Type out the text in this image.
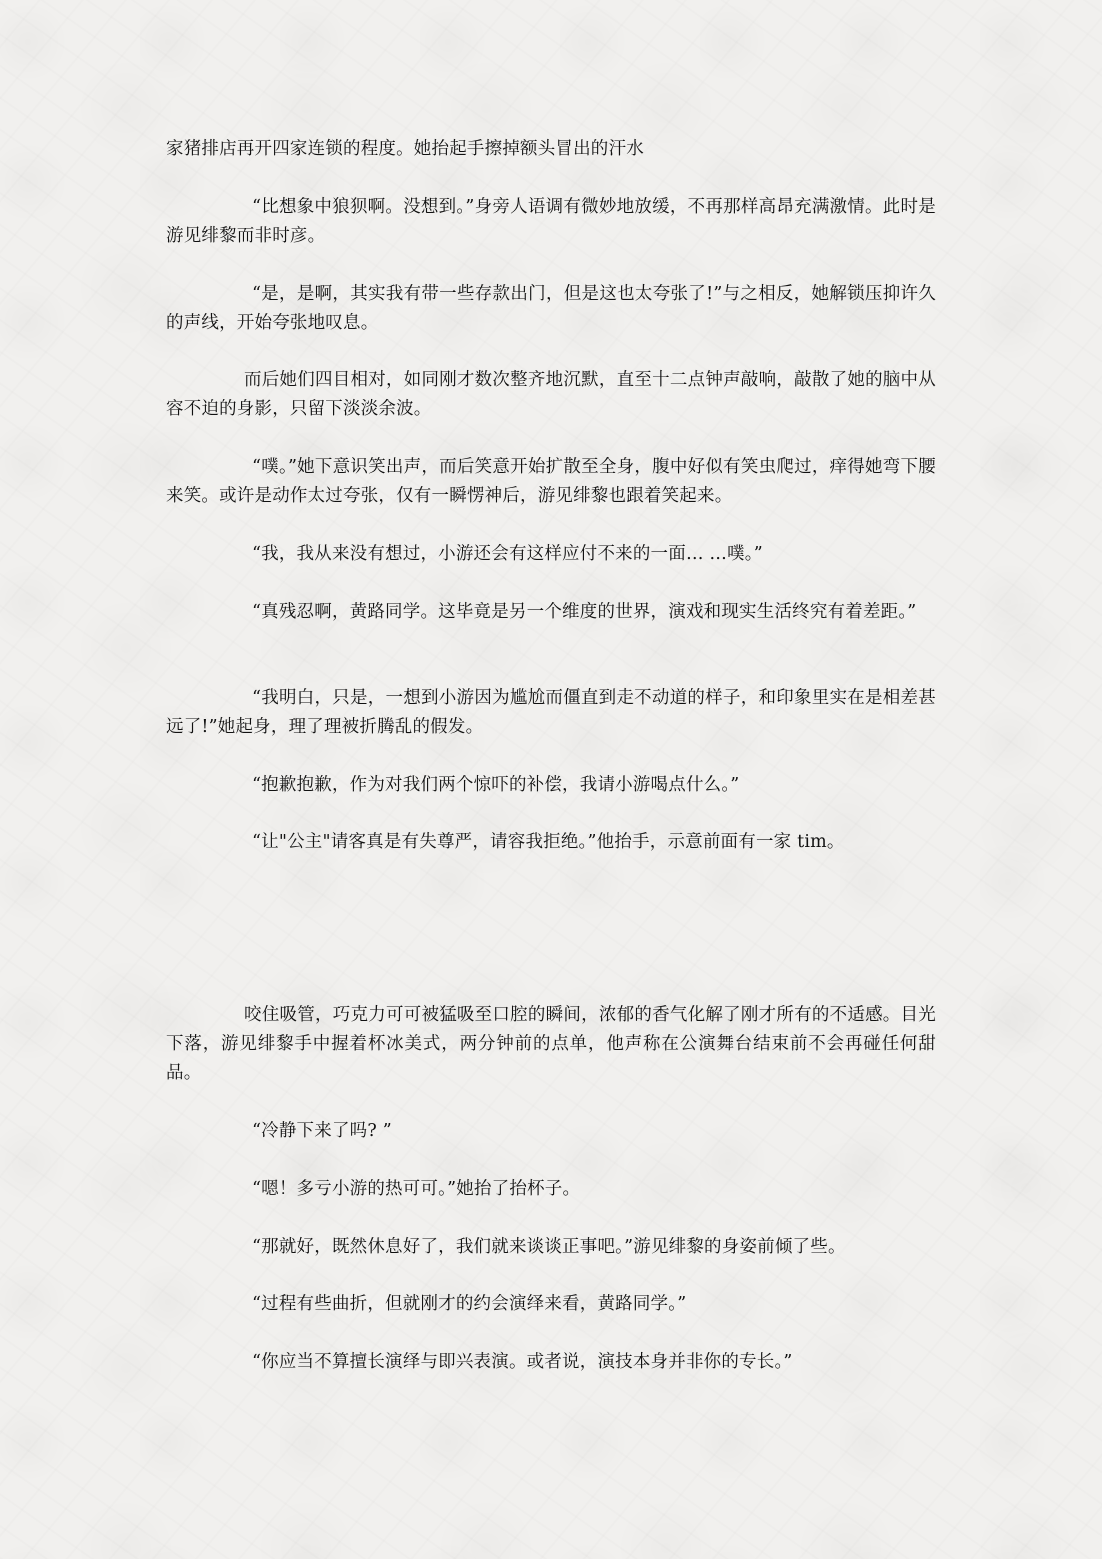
家猪排店再开四家连锁的程度。她抬起手擦掉额头冒出的汗水

“比想象中狼狈啊。没想到。”身旁人语调有微妙地放缓，不再那样高昂充满激情。此时是游见绯黎而非时彦。

“是，是啊，其实我有带一些存款出门，但是这也太夸张了!”与之相反，她解锁压抑许久的声线，开始夸张地叹息。

而后她们四目相对，如同刚才数次整齐地沉默，直至十二点钟声敲响，敲散了她的脑中从容不迫的身影，只留下淡淡余波。

“噗。”她下意识笑出声，而后笑意开始扩散至全身，腹中好似有笑虫爬过，痒得她弯下腰来笑。或许是动作太过夸张，仅有一瞬愣神后，游见绯黎也跟着笑起来。

“我，我从来没有想过，小游还会有这样应付不来的一面… …噗。”

“真残忍啊，黄路同学。这毕竟是另一个维度的世界，演戏和现实生活终究有着差距。”

“我明白，只是，一想到小游因为尴尬而僵直到走不动道的样子，和印象里实在是相差甚远了!”她起身，理了理被折腾乱的假发。

“抱歉抱歉，作为对我们两个惊吓的补偿，我请小游喝点什么。”

“让"公主"请客真是有失尊严，请容我拒绝。”他抬手，示意前面有一家 tim。

咬住吸管，巧克力可可被猛吸至口腔的瞬间，浓郁的香气化解了刚才所有的不适感。目光下落，游见绯黎手中握着杯冰美式，两分钟前的点单，他声称在公演舞台结束前不会再碰任何甜品。

“冷静下来了吗? ”

“嗯！多亏小游的热可可。”她抬了抬杯子。

“那就好，既然休息好了，我们就来谈谈正事吧。”游见绯黎的身姿前倾了些。

“过程有些曲折，但就刚才的约会演绎来看，黄路同学。”

“你应当不算擅长演绎与即兴表演。或者说，演技本身并非你的专长。”
